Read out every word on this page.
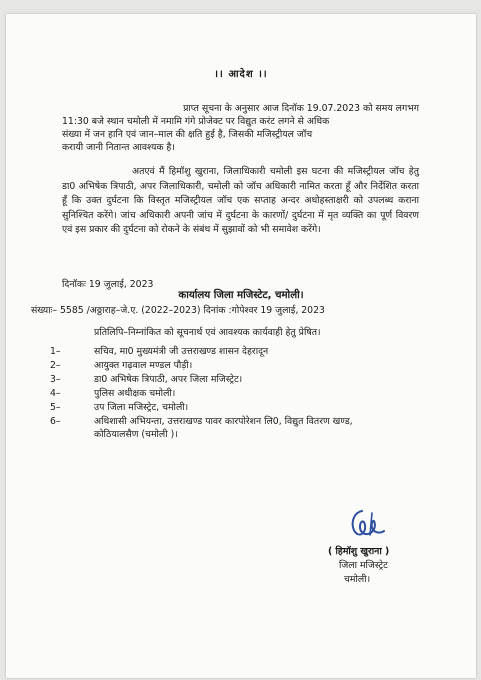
।। आदेश ।।
प्राप्त सूचना के अनुसार आज दिनॉक 19.07.2023 को समय लगभग
11:30 बजे स्थान चमोली में नमामि गंगे प्रोजेक्ट पर विद्युत करंट लगने से अधिक
संख्या में जन हानि एवं जान–माल की क्षति हुई है, जिसकी मजिस्ट्रीयल जॉच
करायी जानी नितान्त आवश्यक है।
अतएवं मैं हिमॉशु खुराना, जिलाधिकारी चमोली इस घटना की मजिस्ट्रीयल जॉच हेतु डा0 अभिषेक त्रिपाठी, अपर जिलाधिकारी, चमोली को जॉच अधिकारी नामित करता हूँ और निर्देशित करता हूँ कि उक्त दुर्घटना कि विस्तृत मजिस्ट्रीयल जॉच एक सप्ताह अन्दर अधोहस्ताक्षरी को उपलब्ध कराना सुनिश्चित करेंगे। जांच अधिकारी अपनी जांच में दुर्घटना के कारणों/ दुर्घटना में मृत व्यक्ति का पूर्ण विवरण एवं इस प्रकार की दुर्घटना को रोकने के संबंध में सुझावों को भी समावेश करेंगे।
दिनॉकः 19 जुलाई, 2023
कार्यालय जिला मजिस्टेट, चमोली।
संख्याः– 5585 /अठ्ठाराह–जे.ए. (2022–2023) दिनांक :गोपेश्वर 19 जुलाई, 2023
प्रतिलिपि–निम्नांकित को सूचनार्थ एवं आवश्यक कार्यवाही हेतु प्रेषित।
1–	सचिव, मा0 मुख्यमंत्री जी उत्तराखण्ड शासन देहरादून
2–	आयुक्त गढ़वाल मण्डल पौड़ी।
3–	डा0 अभिषेक त्रिपाठी, अपर जिला मजिस्ट्रेट।
4–	पुलिस अधीक्षक चमोली।
5–	उप जिला मजिस्ट्रेट, चमोली।
6–	अधिशासी अभियन्ता, उत्तराखण्ड पावर कारपोरेशन लि0, विद्युत वितरण खण्ड,
कोठियालसैण (चमोली )।
( हिमॉशु खुराना )
जिला मजिस्ट्रेट
चमोली।
